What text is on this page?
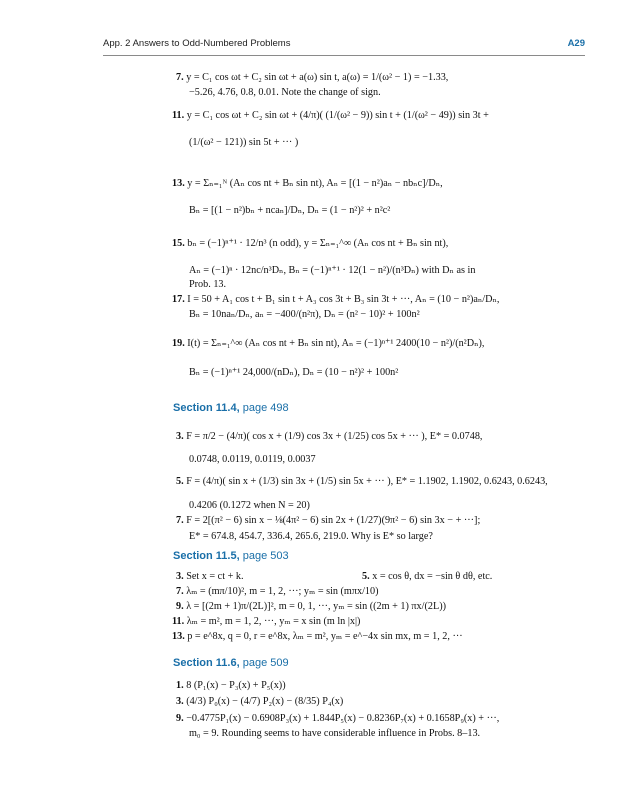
App. 2 Answers to Odd-Numbered Problems	A29
7. y = C₁ cos ωt + C₂ sin ωt + a(ω) sin t, a(ω) = 1/(ω² − 1) = −1.33,
−5.26, 4.76, 0.8, 0.01. Note the change of sign.
11. y = C₁ cos ωt + C₂ sin ωt + (4/π)( (1/(ω² − 9)) sin t + (1/(ω² − 49)) sin 3t +
(1/(ω² − 121)) sin 5t + ··· )
13. y = Σₙ₌₁ᴺ (Aₙ cos nt + Bₙ sin nt), Aₙ = [(1 − n²)aₙ − nbₙc]/Dₙ,
Bₙ = [(1 − n²)bₙ + ncaₙ]/Dₙ, Dₙ = (1 − n²)² + n²c²
15. bₙ = (−1)ⁿ⁺¹ · 12/n³ (n odd), y = Σₙ₌₁^∞ (Aₙ cos nt + Bₙ sin nt),
Aₙ = (−1)ⁿ · 12nc/n³Dₙ, Bₙ = (−1)ⁿ⁺¹ · 12(1 − n²)/(n³Dₙ) with Dₙ as in
Prob. 13.
17. I = 50 + A₁ cos t + B₁ sin t + A₃ cos 3t + B₃ sin 3t + ···, Aₙ = (10 − n²)aₙ/Dₙ,
Bₙ = 10naₙ/Dₙ, aₙ = −400/(n²π), Dₙ = (n² − 10)² + 100n²
19. I(t) = Σₙ₌₁^∞ (Aₙ cos nt + Bₙ sin nt), Aₙ = (−1)ⁿ⁺¹ 2400(10 − n²)/(n²Dₙ),
Bₙ = (−1)ⁿ⁺¹ 24,000/(nDₙ), Dₙ = (10 − n²)² + 100n²
Section 11.4, page 498
3. F = π/2 − (4/π)( cos x + (1/9) cos 3x + (1/25) cos 5x + ··· ), E* = 0.0748,
0.0748, 0.0119, 0.0119, 0.0037
5. F = (4/π)( sin x + (1/3) sin 3x + (1/5) sin 5x + ··· ), E* = 1.1902, 1.1902, 0.6243, 0.6243,
0.4206 (0.1272 when N = 20)
7. F = 2[(π² − 6) sin x − ⅛(4π² − 6) sin 2x + (1/27)(9π² − 6) sin 3x − + ···];
E* = 674.8, 454.7, 336.4, 265.6, 219.0. Why is E* so large?
Section 11.5, page 503
3. Set x = ct + k.	5. x = cos θ, dx = −sin θ dθ, etc.
7. λₘ = (mπ/10)², m = 1, 2, ···; yₘ = sin (mπx/10)
9. λ = [(2m + 1)π/(2L)]², m = 0, 1, ···, yₘ = sin ((2m + 1) πx/(2L))
11. λₘ = m², m = 1, 2, ···, yₘ = x sin (m ln |x|)
13. p = e^8x, q = 0, r = e^8x, λₘ = m², yₘ = e^−4x sin mx, m = 1, 2, ···
Section 11.6, page 509
1. 8 (P₁(x) − P₃(x) + P₅(x))
3. (4/3) P₀(x) − (4/7) P₂(x) − (8/35) P₄(x)
9. −0.4775P₁(x) − 0.6908P₃(x) + 1.844P₅(x) − 0.8236P₇(x) + 0.1658P₉(x) + ···,
m₀ = 9. Rounding seems to have considerable influence in Probs. 8–13.
